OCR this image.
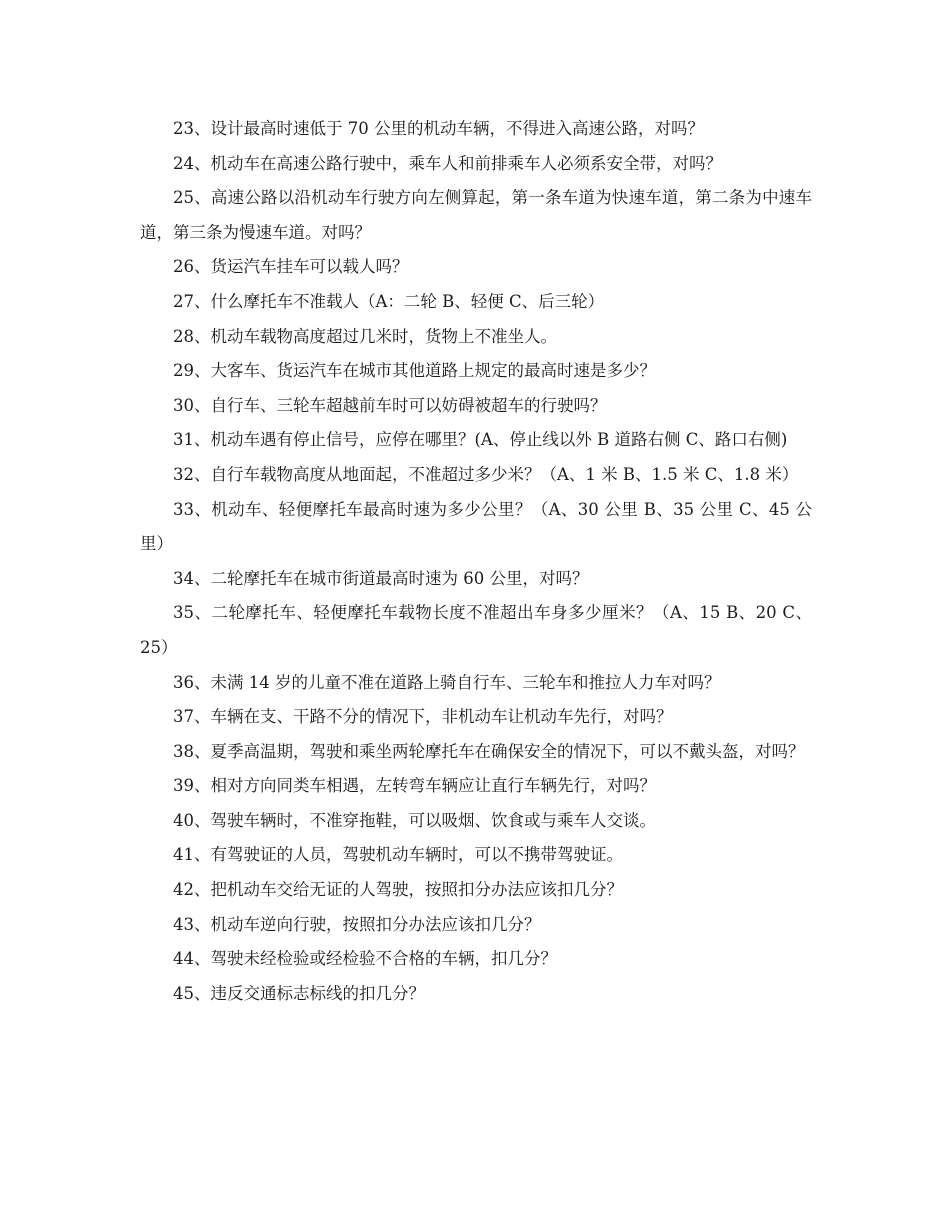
23、设计最高时速低于 70 公里的机动车辆，不得进入高速公路，对吗？

24、机动车在高速公路行驶中，乘车人和前排乘车人必须系安全带，对吗？

25、高速公路以沿机动车行驶方向左侧算起，第一条车道为快速车道，第二条为中速车道，第三条为慢速车道。对吗？

26、货运汽车挂车可以载人吗？

27、什么摩托车不准载人（A：二轮 B、轻便 C、后三轮）

28、机动车载物高度超过几米时，货物上不准坐人。

29、大客车、货运汽车在城市其他道路上规定的最高时速是多少？

30、自行车、三轮车超越前车时可以妨碍被超车的行驶吗？

31、机动车遇有停止信号，应停在哪里？(A、停止线以外 B 道路右侧 C、路口右侧)

32、自行车载物高度从地面起，不准超过多少米？（A、1 米 B、1.5 米 C、1.8 米）

33、机动车、轻便摩托车最高时速为多少公里？（A、30 公里 B、35 公里 C、45 公里）

34、二轮摩托车在城市街道最高时速为 60 公里，对吗？

35、二轮摩托车、轻便摩托车载物长度不准超出车身多少厘米？（A、15 B、20 C、25）

36、未满 14 岁的儿童不准在道路上骑自行车、三轮车和推拉人力车对吗？

37、车辆在支、干路不分的情况下，非机动车让机动车先行，对吗？

38、夏季高温期，驾驶和乘坐两轮摩托车在确保安全的情况下，可以不戴头盔，对吗？

39、相对方向同类车相遇，左转弯车辆应让直行车辆先行，对吗？

40、驾驶车辆时，不准穿拖鞋，可以吸烟、饮食或与乘车人交谈。

41、有驾驶证的人员，驾驶机动车辆时，可以不携带驾驶证。

42、把机动车交给无证的人驾驶，按照扣分办法应该扣几分？

43、机动车逆向行驶，按照扣分办法应该扣几分？

44、驾驶未经检验或经检验不合格的车辆，扣几分？

45、违反交通标志标线的扣几分？
